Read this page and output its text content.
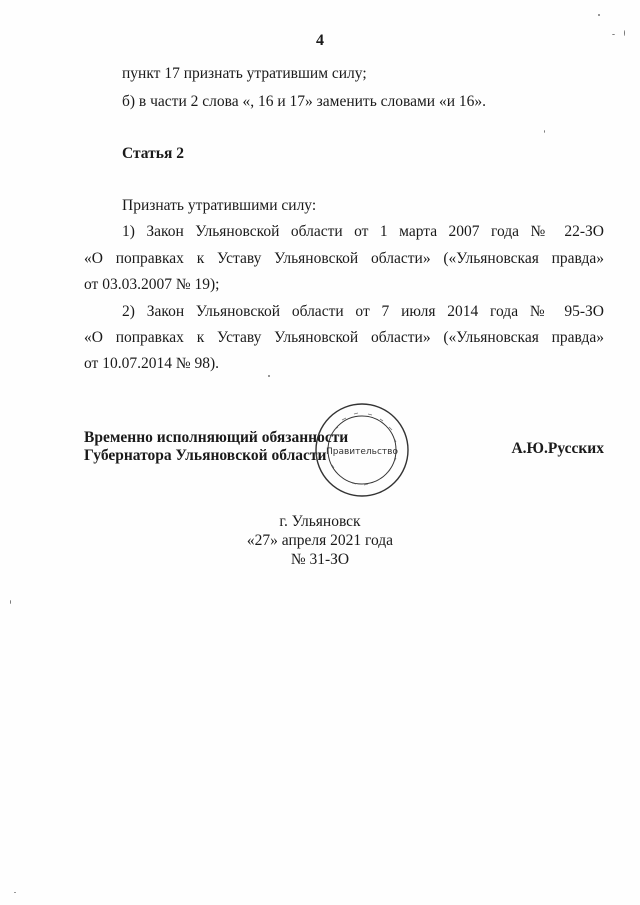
4
пункт 17 признать утратившим силу;
б) в части 2 слова «, 16 и 17» заменить словами «и 16».
Статья 2
Признать утратившими силу:
1) Закон Ульяновской области от 1 марта 2007 года № 22-ЗО
«О поправках к Уставу Ульяновской области» («Ульяновская правда»
от 03.03.2007 № 19);
2) Закон Ульяновской области от 7 июля 2014 года № 95-ЗО
«О поправках к Уставу Ульяновской области» («Ульяновская правда»
от 10.07.2014 № 98).
Временно исполняющий обязанности
Губернатора Ульяновской области	А.Ю.Русских
Правительство
г. Ульяновск
«27» апреля 2021 года
№ 31-ЗО
